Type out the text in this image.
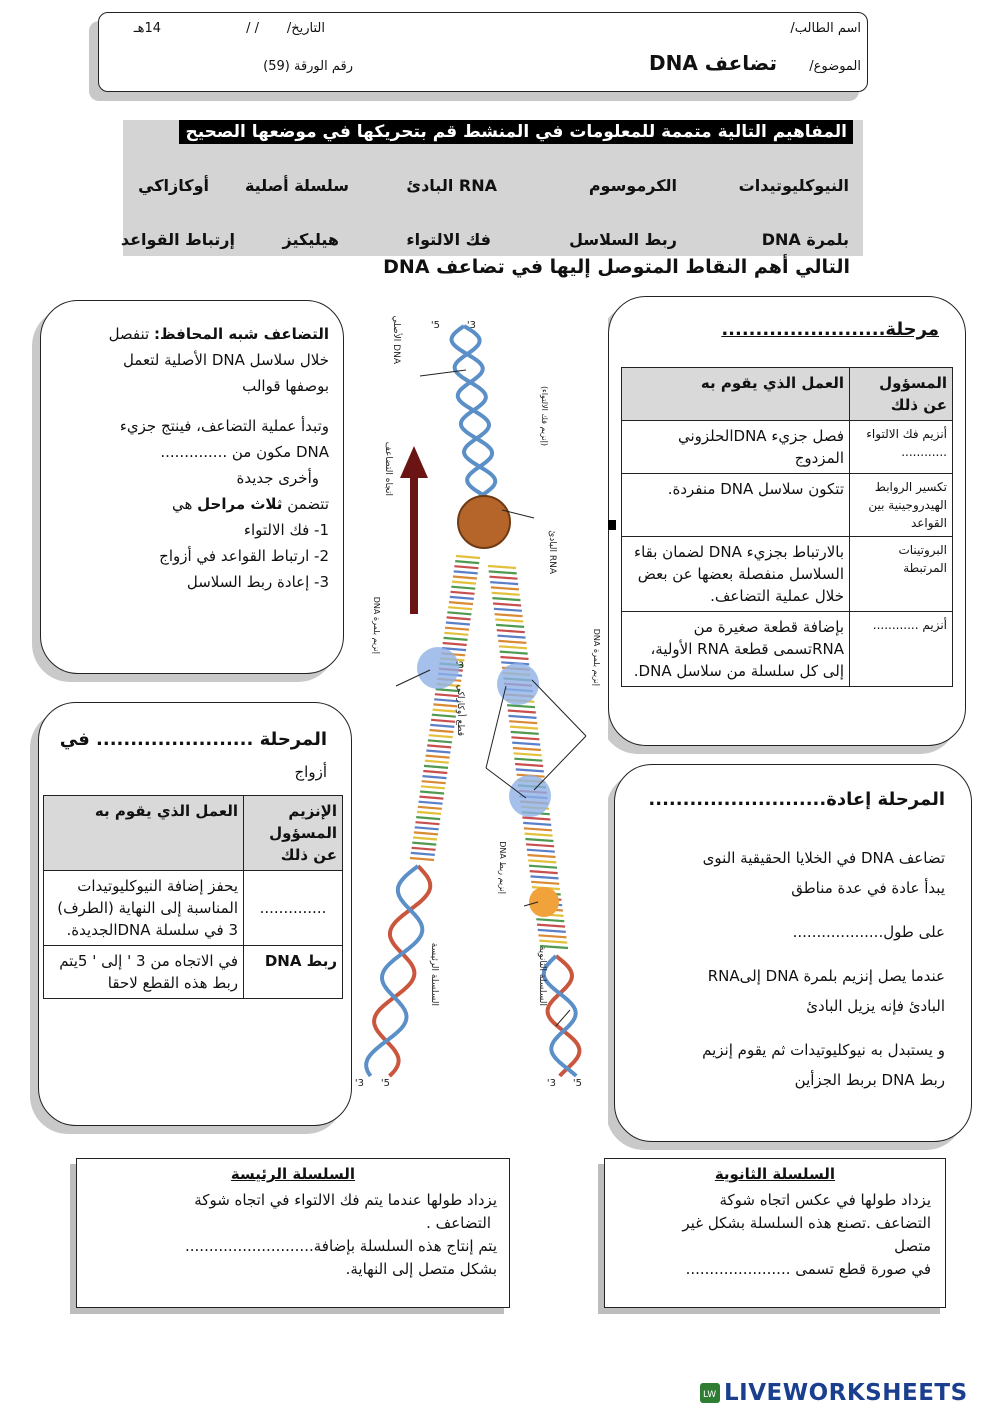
اسم الطالب/
التاريخ/
/ /
14هـ
الموضوع/
تضاعف DNA
رقم الورقة (59)
المفاهيم التالية متممة للمعلومات في المنشط قم بتحريكها في موضعها الصحيح
النيوكليوتيدات
الكرموسوم
RNA البادئ
سلسلة أصلية
أوكازاكي
بلمرة DNA
ربط السلاسل
فك الالتواء
هيليكيز
إرتباط القواعد
التالي أهم النقاط المتوصل إليها في تضاعف DNA

التضاعف شبه المحافظ: تنفصل

خلال سلاسل DNA الأصلية لتعمل

بوصفها قوالب

وتبدأ عملية التضاعف، فينتج جزيء

DNA مكون من ..............

وأخرى جديدة

تتضمن ثلاث مراحل هي

1- فك الالتواء

2- ارتباط القواعد في أزواج

3- إعادة ربط السلاسل

مرحلة........................
المسؤول عن ذلك	العمل الذي يقوم به
أنزيم فك الالتواء ............	فصل جزيء DNAالحلزوني المزدوج
تكسير الروابط الهيدروجينية بين القواعد	تتكون سلاسل DNA منفردة.
البروتينات المرتبطة	بالارتباط بجزيء DNA لضمان بقاء السلاسل منفصلة بعضها عن بعض خلال عملية التضاعف.
أنزيم ............	بإضافة قطعة صغيرة من RNAتسمى قطعة RNA الأولية، إلى كل سلسلة من سلاسل DNA.
المرحلة ....................... في
أزواج
الإنزيم المسؤول عن ذلك	العمل الذي يقوم به
..............	يحفز إضافة النيوكليوتيدات المناسبة إلى النهاية (الطرف) 3 في سلسلة DNAالجديدة.
ربط DNA	في الاتجاه من 3 ' إلى ' 5يتم ربط هذه القطع لاحقا
المرحلة إعادة..........................

تضاعف DNA في الخلايا الحقيقية النوى

يبدأ عادة في عدة مناطق

على طول...................

عندما يصل إنزيم بلمرة DNA إلىRNA

البادئ فإنه يزيل البادئ

و يستبدل به نيوكليوتيدات ثم يقوم إنزيم

ربط DNA بربط الجزأين

DNA الأصلي
(إنزيم فك الالتواء)
اتجاه التضاعف
RNA البادئ
إنزيم بلمرة DNA
قطع أوكازاكي
إنزيم بلمرة DNA
إنزيم ربط DNA
السلسلة الرئيسة	السلسلة الثانوية
5'	3'
3' 5'	3' 5'
3'
السلسلة الرئيسة
يزداد طولها عندما يتم فك الالتواء في اتجاه شوكة
التضاعف .
يتم إنتاج هذه السلسلة بإضافة...........................
بشكل متصل إلى النهاية.
السلسلة الثانوية
يزداد طولها في عكس اتجاه شوكة
التضاعف .تصنع هذه السلسلة بشكل غير
متصل
في صورة قطع تسمى ......................
LW LIVEWORKSHEETS
